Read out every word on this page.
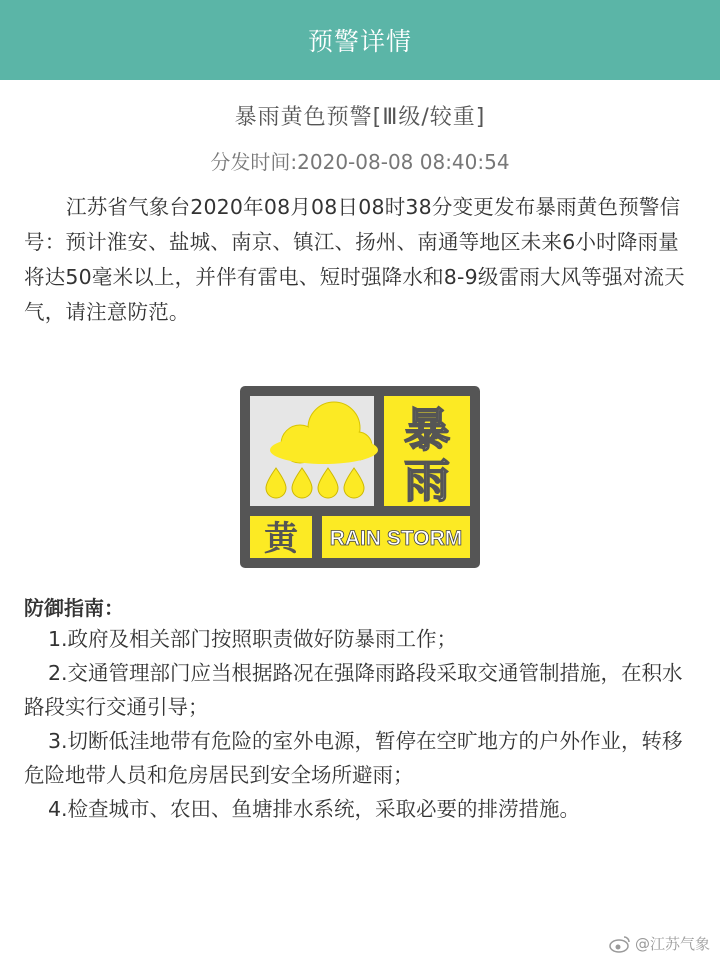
预警详情
暴雨黄色预警[Ⅲ级/较重]
分发时间:2020-08-08 08:40:54
江苏省气象台2020年08月08日08时38分变更发布暴雨黄色预警信号：预计淮安、盐城、南京、镇江、扬州、南通等地区未来6小时降雨量将达50毫米以上，并伴有雷电、短时强降水和8-9级雷雨大风等强对流天气，请注意防范。
暴
雨
黄 RAIN STORM
防御指南：
1.政府及相关部门按照职责做好防暴雨工作；
2.交通管理部门应当根据路况在强降雨路段采取交通管制措施，在积水路段实行交通引导；
3.切断低洼地带有危险的室外电源，暂停在空旷地方的户外作业，转移危险地带人员和危房居民到安全场所避雨；
4.检查城市、农田、鱼塘排水系统，采取必要的排涝措施。
@江苏气象
